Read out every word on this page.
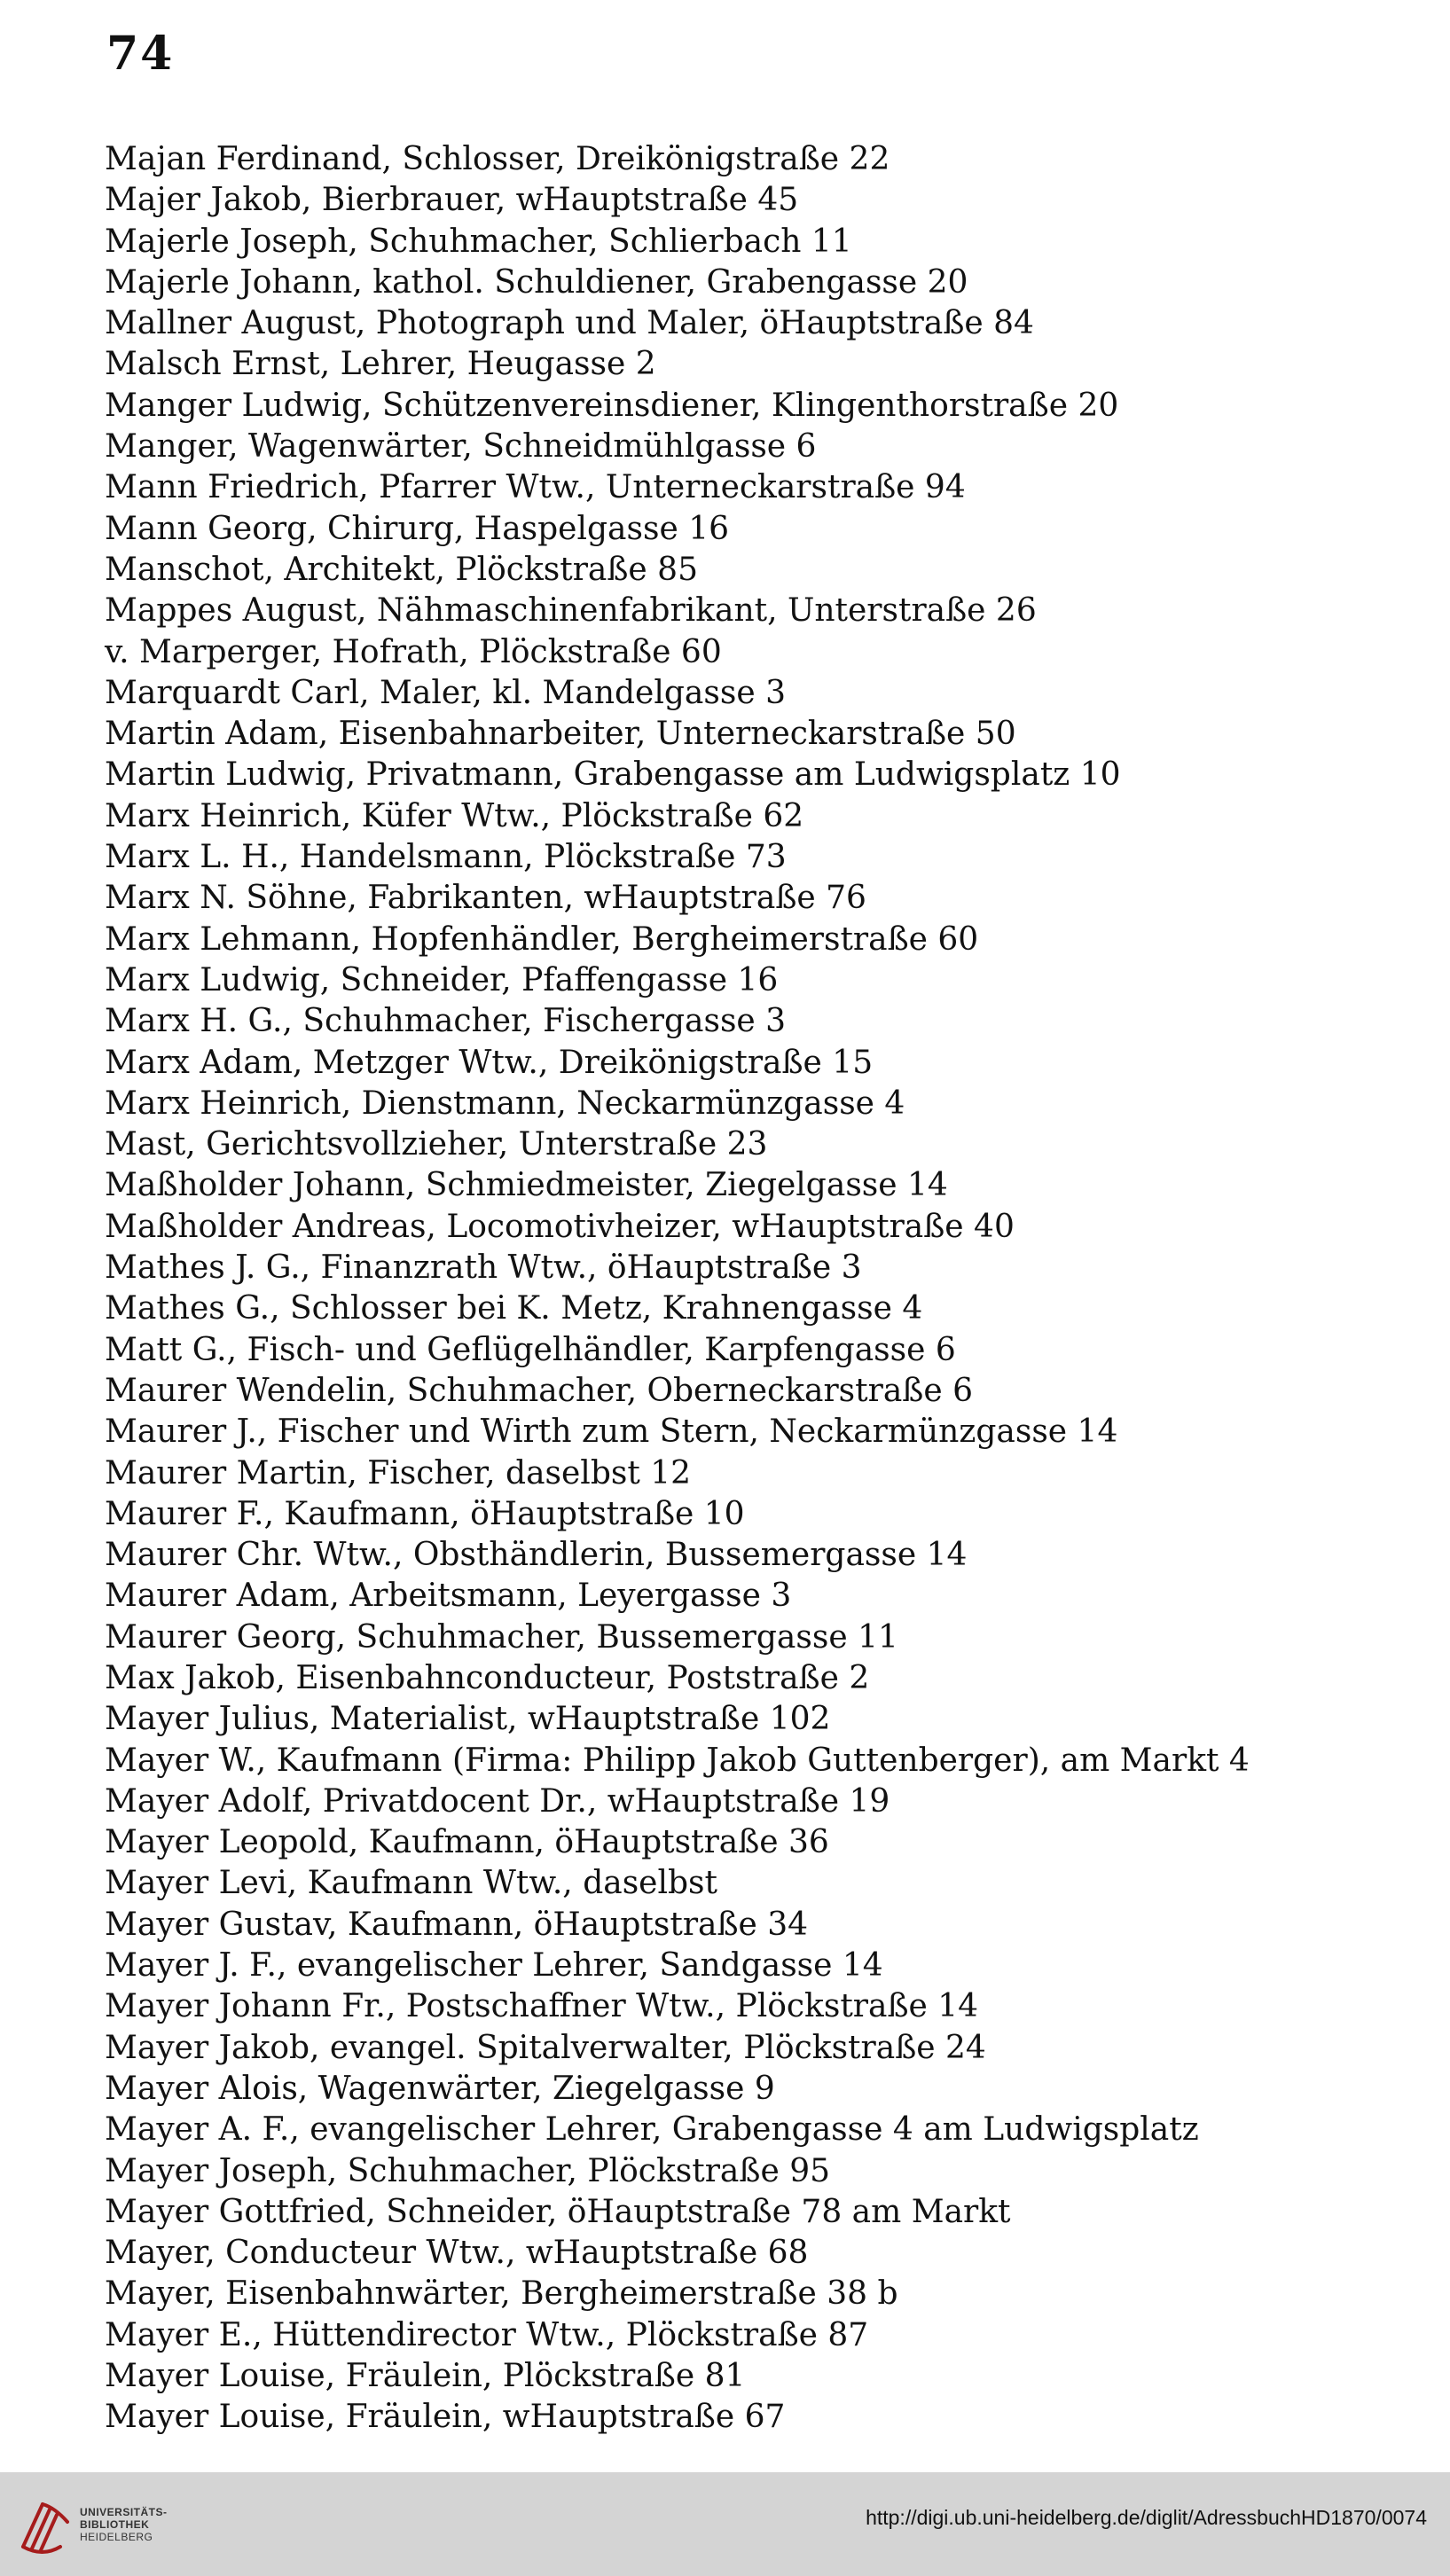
74
Majan Ferdinand, Schlosser, Dreikönigstraße 22
Majer Jakob, Bierbrauer, wHauptstraße 45
Majerle Joseph, Schuhmacher, Schlierbach 11
Majerle Johann, kathol. Schuldiener, Grabengasse 20
Mallner August, Photograph und Maler, öHauptstraße 84
Malsch Ernst, Lehrer, Heugasse 2
Manger Ludwig, Schützenvereinsdiener, Klingenthorstraße 20
Manger, Wagenwärter, Schneidmühlgasse 6
Mann Friedrich, Pfarrer Wtw., Unterneckarstraße 94
Mann Georg, Chirurg, Haspelgasse 16
Manschot, Architekt, Plöckstraße 85
Mappes August, Nähmaschinenfabrikant, Unterstraße 26
v. Marperger, Hofrath, Plöckstraße 60
Marquardt Carl, Maler, kl. Mandelgasse 3
Martin Adam, Eisenbahnarbeiter, Unterneckarstraße 50
Martin Ludwig, Privatmann, Grabengasse am Ludwigsplatz 10
Marx Heinrich, Küfer Wtw., Plöckstraße 62
Marx L. H., Handelsmann, Plöckstraße 73
Marx N. Söhne, Fabrikanten, wHauptstraße 76
Marx Lehmann, Hopfenhändler, Bergheimerstraße 60
Marx Ludwig, Schneider, Pfaffengasse 16
Marx H. G., Schuhmacher, Fischergasse 3
Marx Adam, Metzger Wtw., Dreikönigstraße 15
Marx Heinrich, Dienstmann, Neckarmünzgasse 4
Mast, Gerichtsvollzieher, Unterstraße 23
Maßholder Johann, Schmiedmeister, Ziegelgasse 14
Maßholder Andreas, Locomotivheizer, wHauptstraße 40
Mathes J. G., Finanzrath Wtw., öHauptstraße 3
Mathes G., Schlosser bei K. Metz, Krahnengasse 4
Matt G., Fisch- und Geflügelhändler, Karpfengasse 6
Maurer Wendelin, Schuhmacher, Oberneckarstraße 6
Maurer J., Fischer und Wirth zum Stern, Neckarmünzgasse 14
Maurer Martin, Fischer, daselbst 12
Maurer F., Kaufmann, öHauptstraße 10
Maurer Chr. Wtw., Obsthändlerin, Bussemergasse 14
Maurer Adam, Arbeitsmann, Leyergasse 3
Maurer Georg, Schuhmacher, Bussemergasse 11
Max Jakob, Eisenbahnconducteur, Poststraße 2
Mayer Julius, Materialist, wHauptstraße 102
Mayer W., Kaufmann (Firma: Philipp Jakob Guttenberger), am Markt 4
Mayer Adolf, Privatdocent Dr., wHauptstraße 19
Mayer Leopold, Kaufmann, öHauptstraße 36
Mayer Levi, Kaufmann Wtw., daselbst
Mayer Gustav, Kaufmann, öHauptstraße 34
Mayer J. F., evangelischer Lehrer, Sandgasse 14
Mayer Johann Fr., Postschaffner Wtw., Plöckstraße 14
Mayer Jakob, evangel. Spitalverwalter, Plöckstraße 24
Mayer Alois, Wagenwärter, Ziegelgasse 9
Mayer A. F., evangelischer Lehrer, Grabengasse 4 am Ludwigsplatz
Mayer Joseph, Schuhmacher, Plöckstraße 95
Mayer Gottfried, Schneider, öHauptstraße 78 am Markt
Mayer, Conducteur Wtw., wHauptstraße 68
Mayer, Eisenbahnwärter, Bergheimerstraße 38 b
Mayer E., Hüttendirector Wtw., Plöckstraße 87
Mayer Louise, Fräulein, Plöckstraße 81
Mayer Louise, Fräulein, wHauptstraße 67
UNIVERSITÄTS-
BIBLIOTHEK
HEIDELBERG
http://digi.ub.uni-heidelberg.de/diglit/AdressbuchHD1870/0074
